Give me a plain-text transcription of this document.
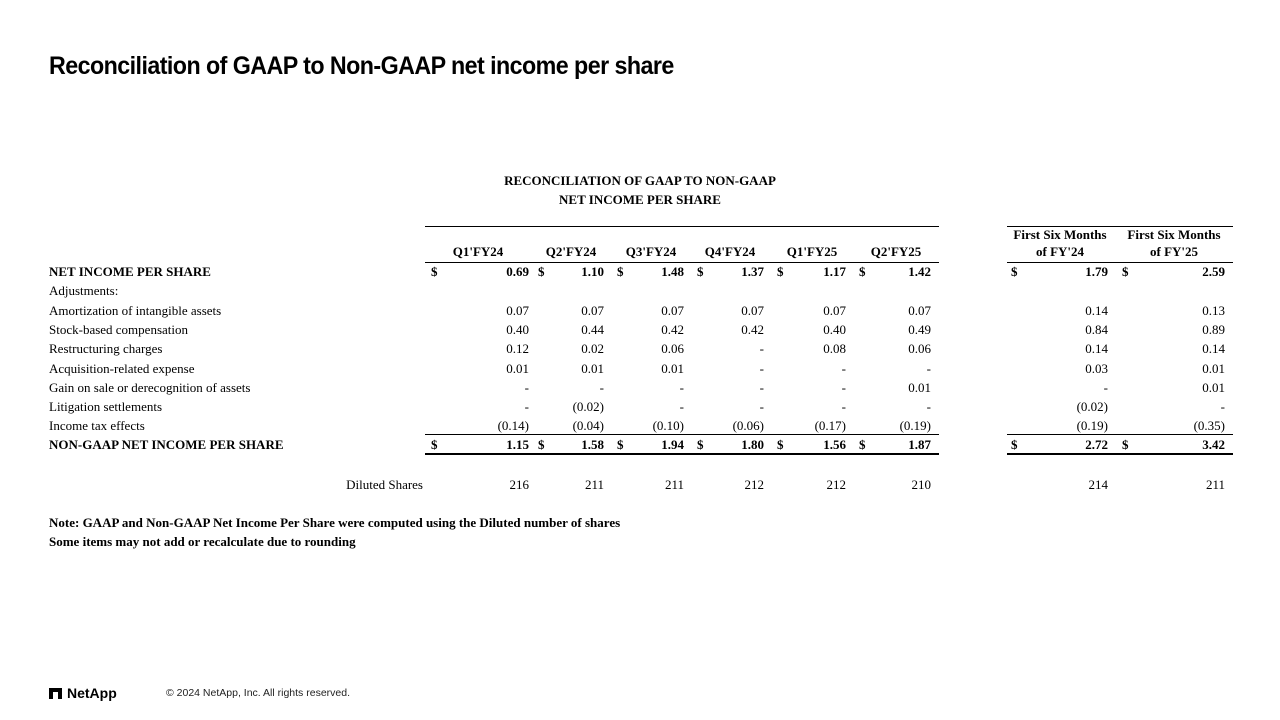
Reconciliation of GAAP to Non-GAAP net income per share
RECONCILIATION OF GAAP TO NON-GAAP
NET INCOME PER SHARE
Q1'FY24	Q2'FY24	Q3'FY24	Q4'FY24	Q1'FY25	Q2'FY25
First Six Months
of FY'24
First Six Months
of FY'25
NET INCOME PER SHARE	0.69	1.10	1.48	1.37	1.17	1.42	1.79	2.59
$	$	$	$	$	$	$	$
Adjustments:
Amortization of intangible assets	0.07	0.07	0.07	0.07	0.07	0.07	0.14	0.13
Stock-based compensation	0.40	0.44	0.42	0.42	0.40	0.49	0.84	0.89
Restructuring charges	0.12	0.02	0.06	-	0.08	0.06	0.14	0.14
Acquisition-related expense	0.01	0.01	0.01	-	-	-	0.03	0.01
Gain on sale or derecognition of assets	-	-	-	-	-	0.01	-	0.01
Litigation settlements	-	(0.02)	-	-	-	-	(0.02)	-
Income tax effects	(0.14)	(0.04)	(0.10)	(0.06)	(0.17)	(0.19)	(0.19)	(0.35)
NON-GAAP NET INCOME PER SHARE	1.15	1.58	1.94	1.80	1.56	1.87	2.72	3.42
$	$	$	$	$	$	$	$
Diluted Shares	216	211	211	212	212	210	214	211
Note: GAAP and Non-GAAP Net Income Per Share were computed using the Diluted number of shares
Some items may not add or recalculate due to rounding
NetApp	© 2024 NetApp, Inc. All rights reserved.
